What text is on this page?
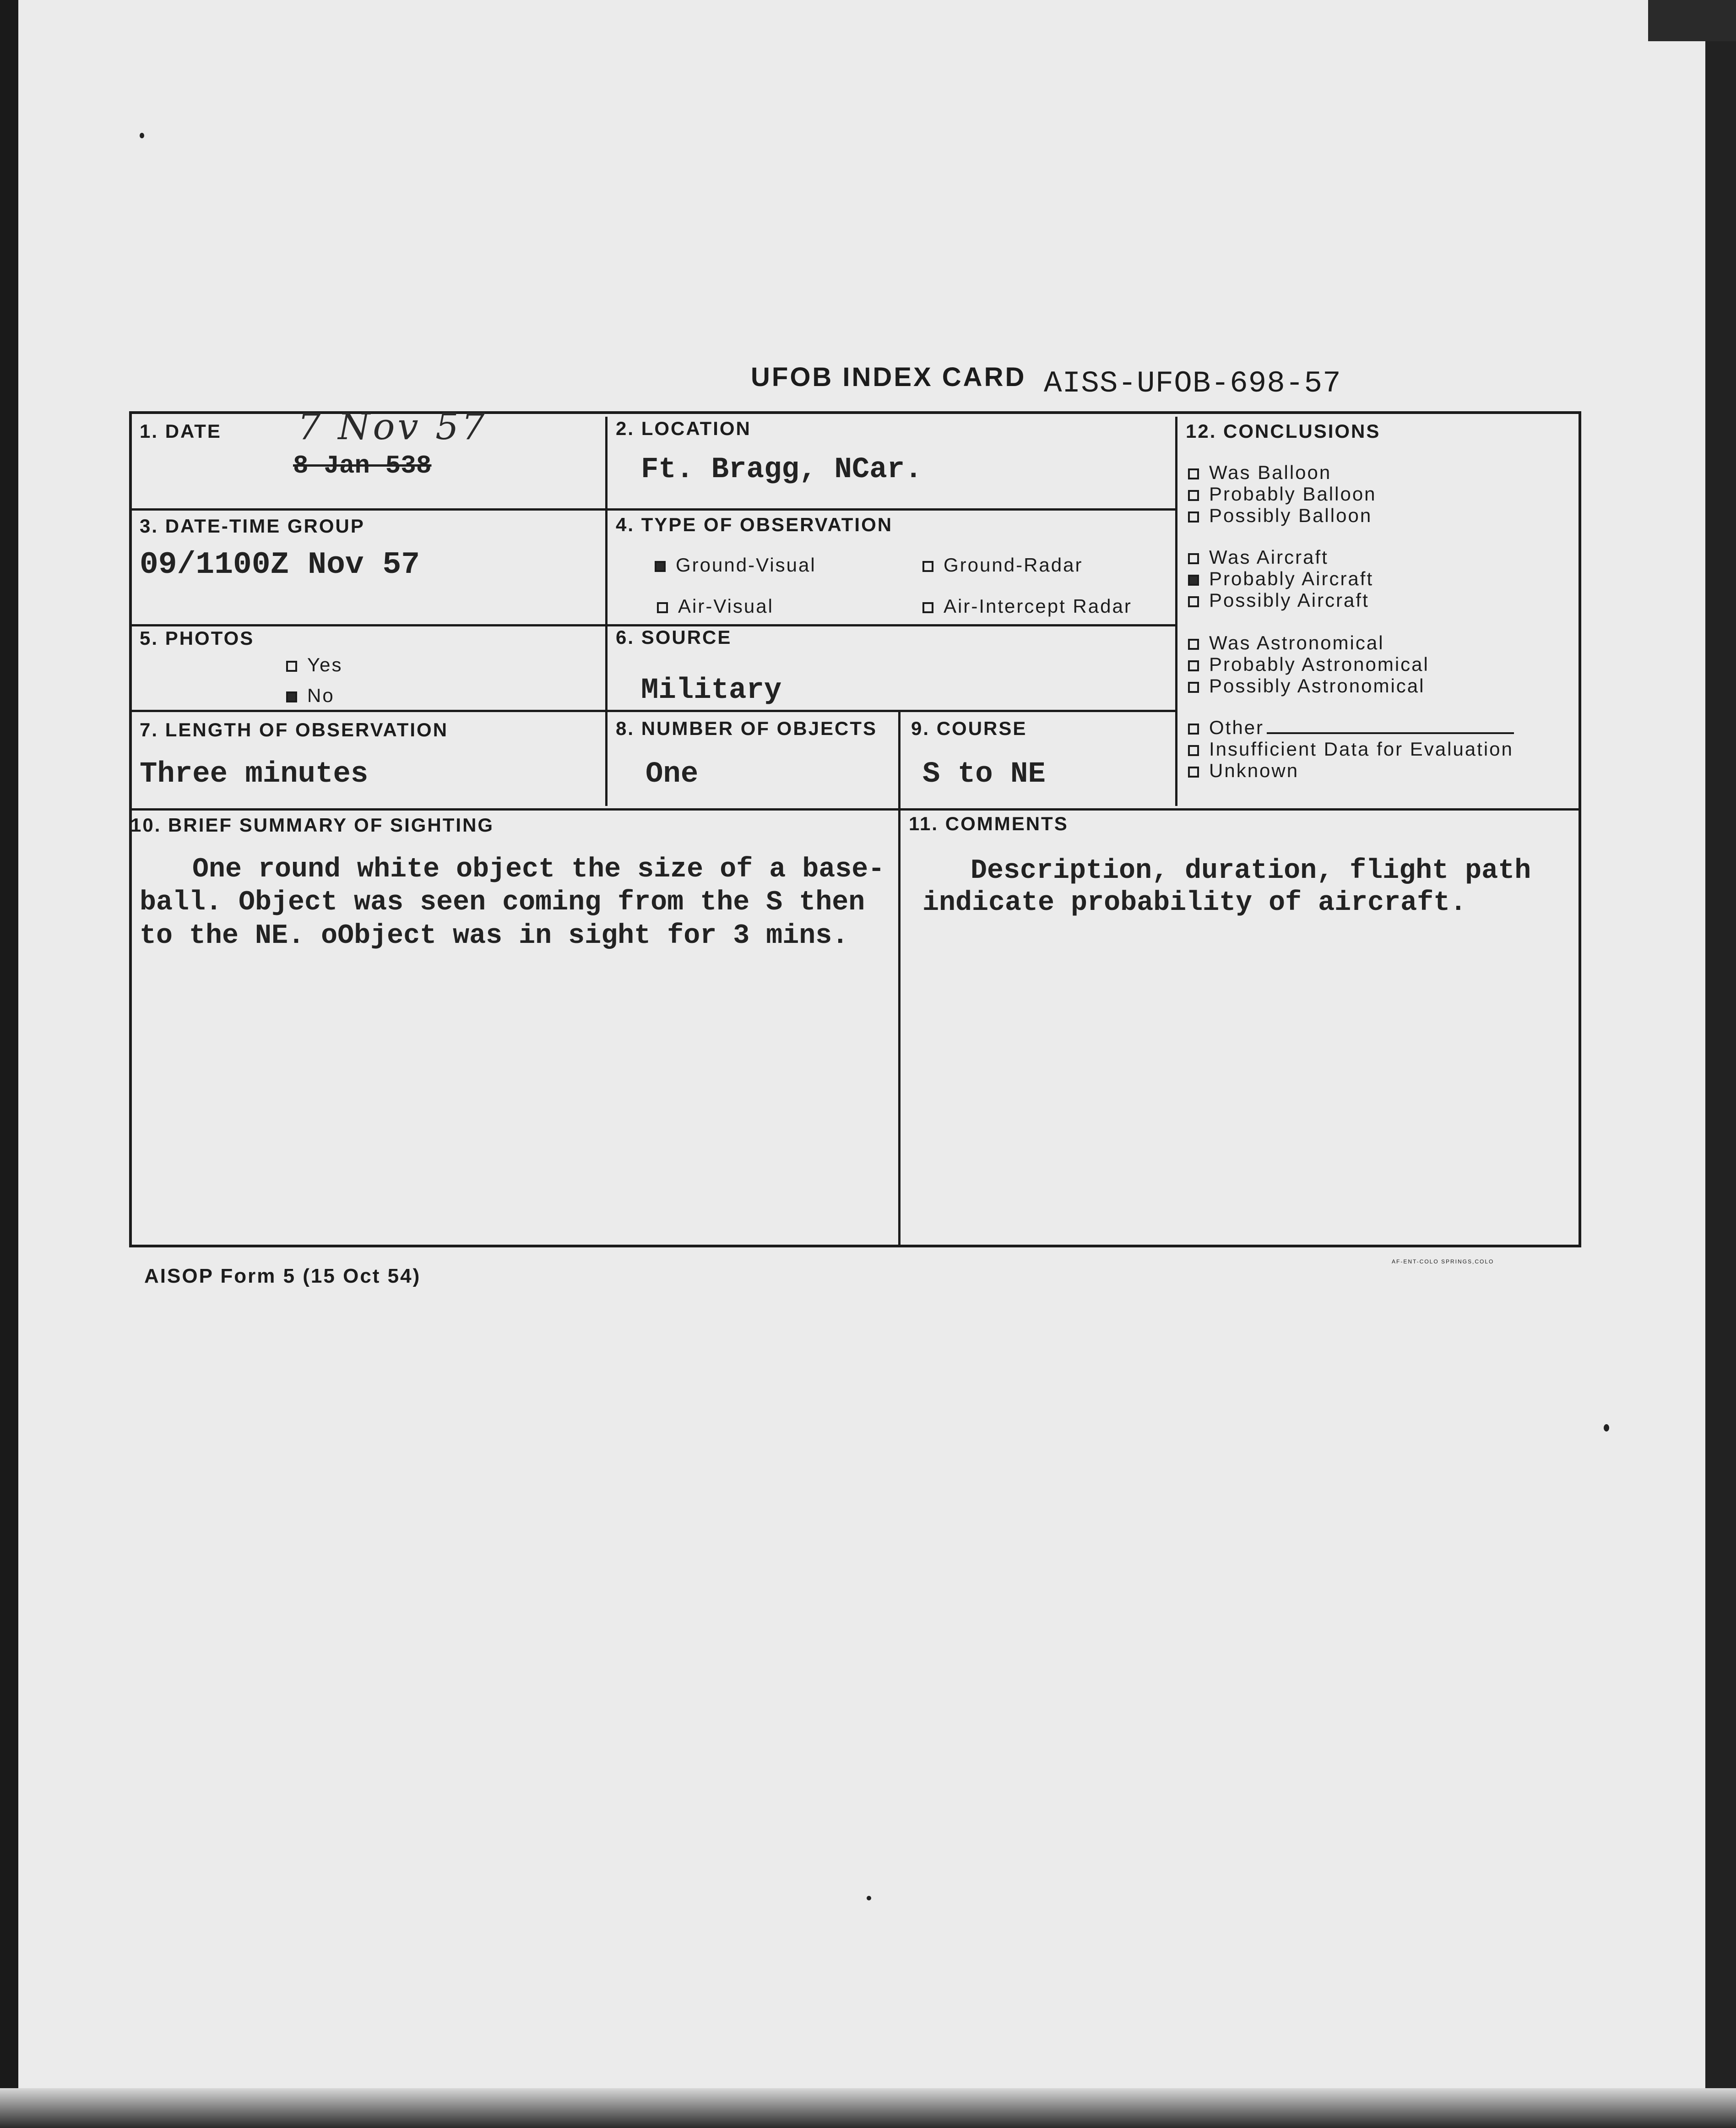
UFOB INDEX CARD AISS-UFOB-698-57
1. DATE 7 Nov 57
8 Jan 538
2. LOCATION
Ft. Bragg, NCar.
3. DATE-TIME GROUP
09/1100Z Nov 57
4. TYPE OF OBSERVATION
Ground-Visual	Ground-Radar
Air-Visual	Air-Intercept Radar
5. PHOTOS
Yes
No
6. SOURCE
Military
7. LENGTH OF OBSERVATION
Three minutes
8. NUMBER OF OBJECTS
One
9. COURSE
S to NE
10. BRIEF SUMMARY OF SIGHTING
One round white object the size of a base-
ball. Object was seen coming from the S then
to the NE. oObject was in sight for 3 mins.
11. COMMENTS
Description, duration, flight path
indicate probability of aircraft.
12. CONCLUSIONS
Was Balloon
Probably Balloon
Possibly Balloon
Was Aircraft
Probably Aircraft
Possibly Aircraft
Was Astronomical
Probably Astronomical
Possibly Astronomical
Other
Insufficient Data for Evaluation
Unknown
AISOP Form 5 (15 Oct 54)
AF-ENT-COLO SPRINGS,COLO
